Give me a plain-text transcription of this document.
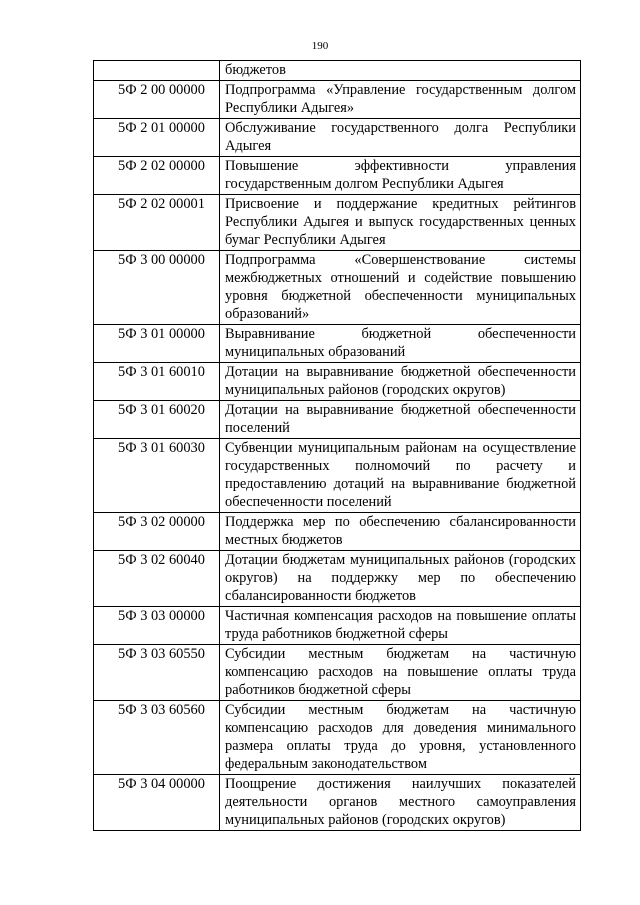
190
	бюджетов
5Ф 2 00 00000	Подпрограмма «Управление государственным долгом Республики Адыгея»
5Ф 2 01 00000	Обслуживание государственного долга Республики Адыгея
5Ф 2 02 00000	Повышение эффективности управления государственным долгом Республики Адыгея
5Ф 2 02 00001	Присвоение и поддержание кредитных рейтингов Республики Адыгея и выпуск государственных ценных бумаг Республики Адыгея
5Ф 3 00 00000	Подпрограмма «Совершенствование системы межбюджетных отношений и содействие повышению уровня бюджетной обеспеченности муниципальных образований»
5Ф 3 01 00000	Выравнивание бюджетной обеспеченности муниципальных образований
5Ф 3 01 60010	Дотации на выравнивание бюджетной обеспеченности муниципальных районов (городских округов)
5Ф 3 01 60020	Дотации на выравнивание бюджетной обеспеченности поселений
5Ф 3 01 60030	Субвенции муниципальным районам на осуществление государственных полномочий по расчету и предоставлению дотаций на выравнивание бюджетной обеспеченности поселений
5Ф 3 02 00000	Поддержка мер по обеспечению сбалансированности местных бюджетов
5Ф 3 02 60040	Дотации бюджетам муниципальных районов (городских округов) на поддержку мер по обеспечению сбалансированности бюджетов
5Ф 3 03 00000	Частичная компенсация расходов на повышение оплаты труда работников бюджетной сферы
5Ф 3 03 60550	Субсидии местным бюджетам на частичную компенсацию расходов на повышение оплаты труда работников бюджетной сферы
5Ф 3 03 60560	Субсидии местным бюджетам на частичную компенсацию расходов для доведения минимального размера оплаты труда до уровня, установленного федеральным законодательством
5Ф 3 04 00000	Поощрение достижения наилучших показателей деятельности органов местного самоуправления муниципальных районов (городских округов)
